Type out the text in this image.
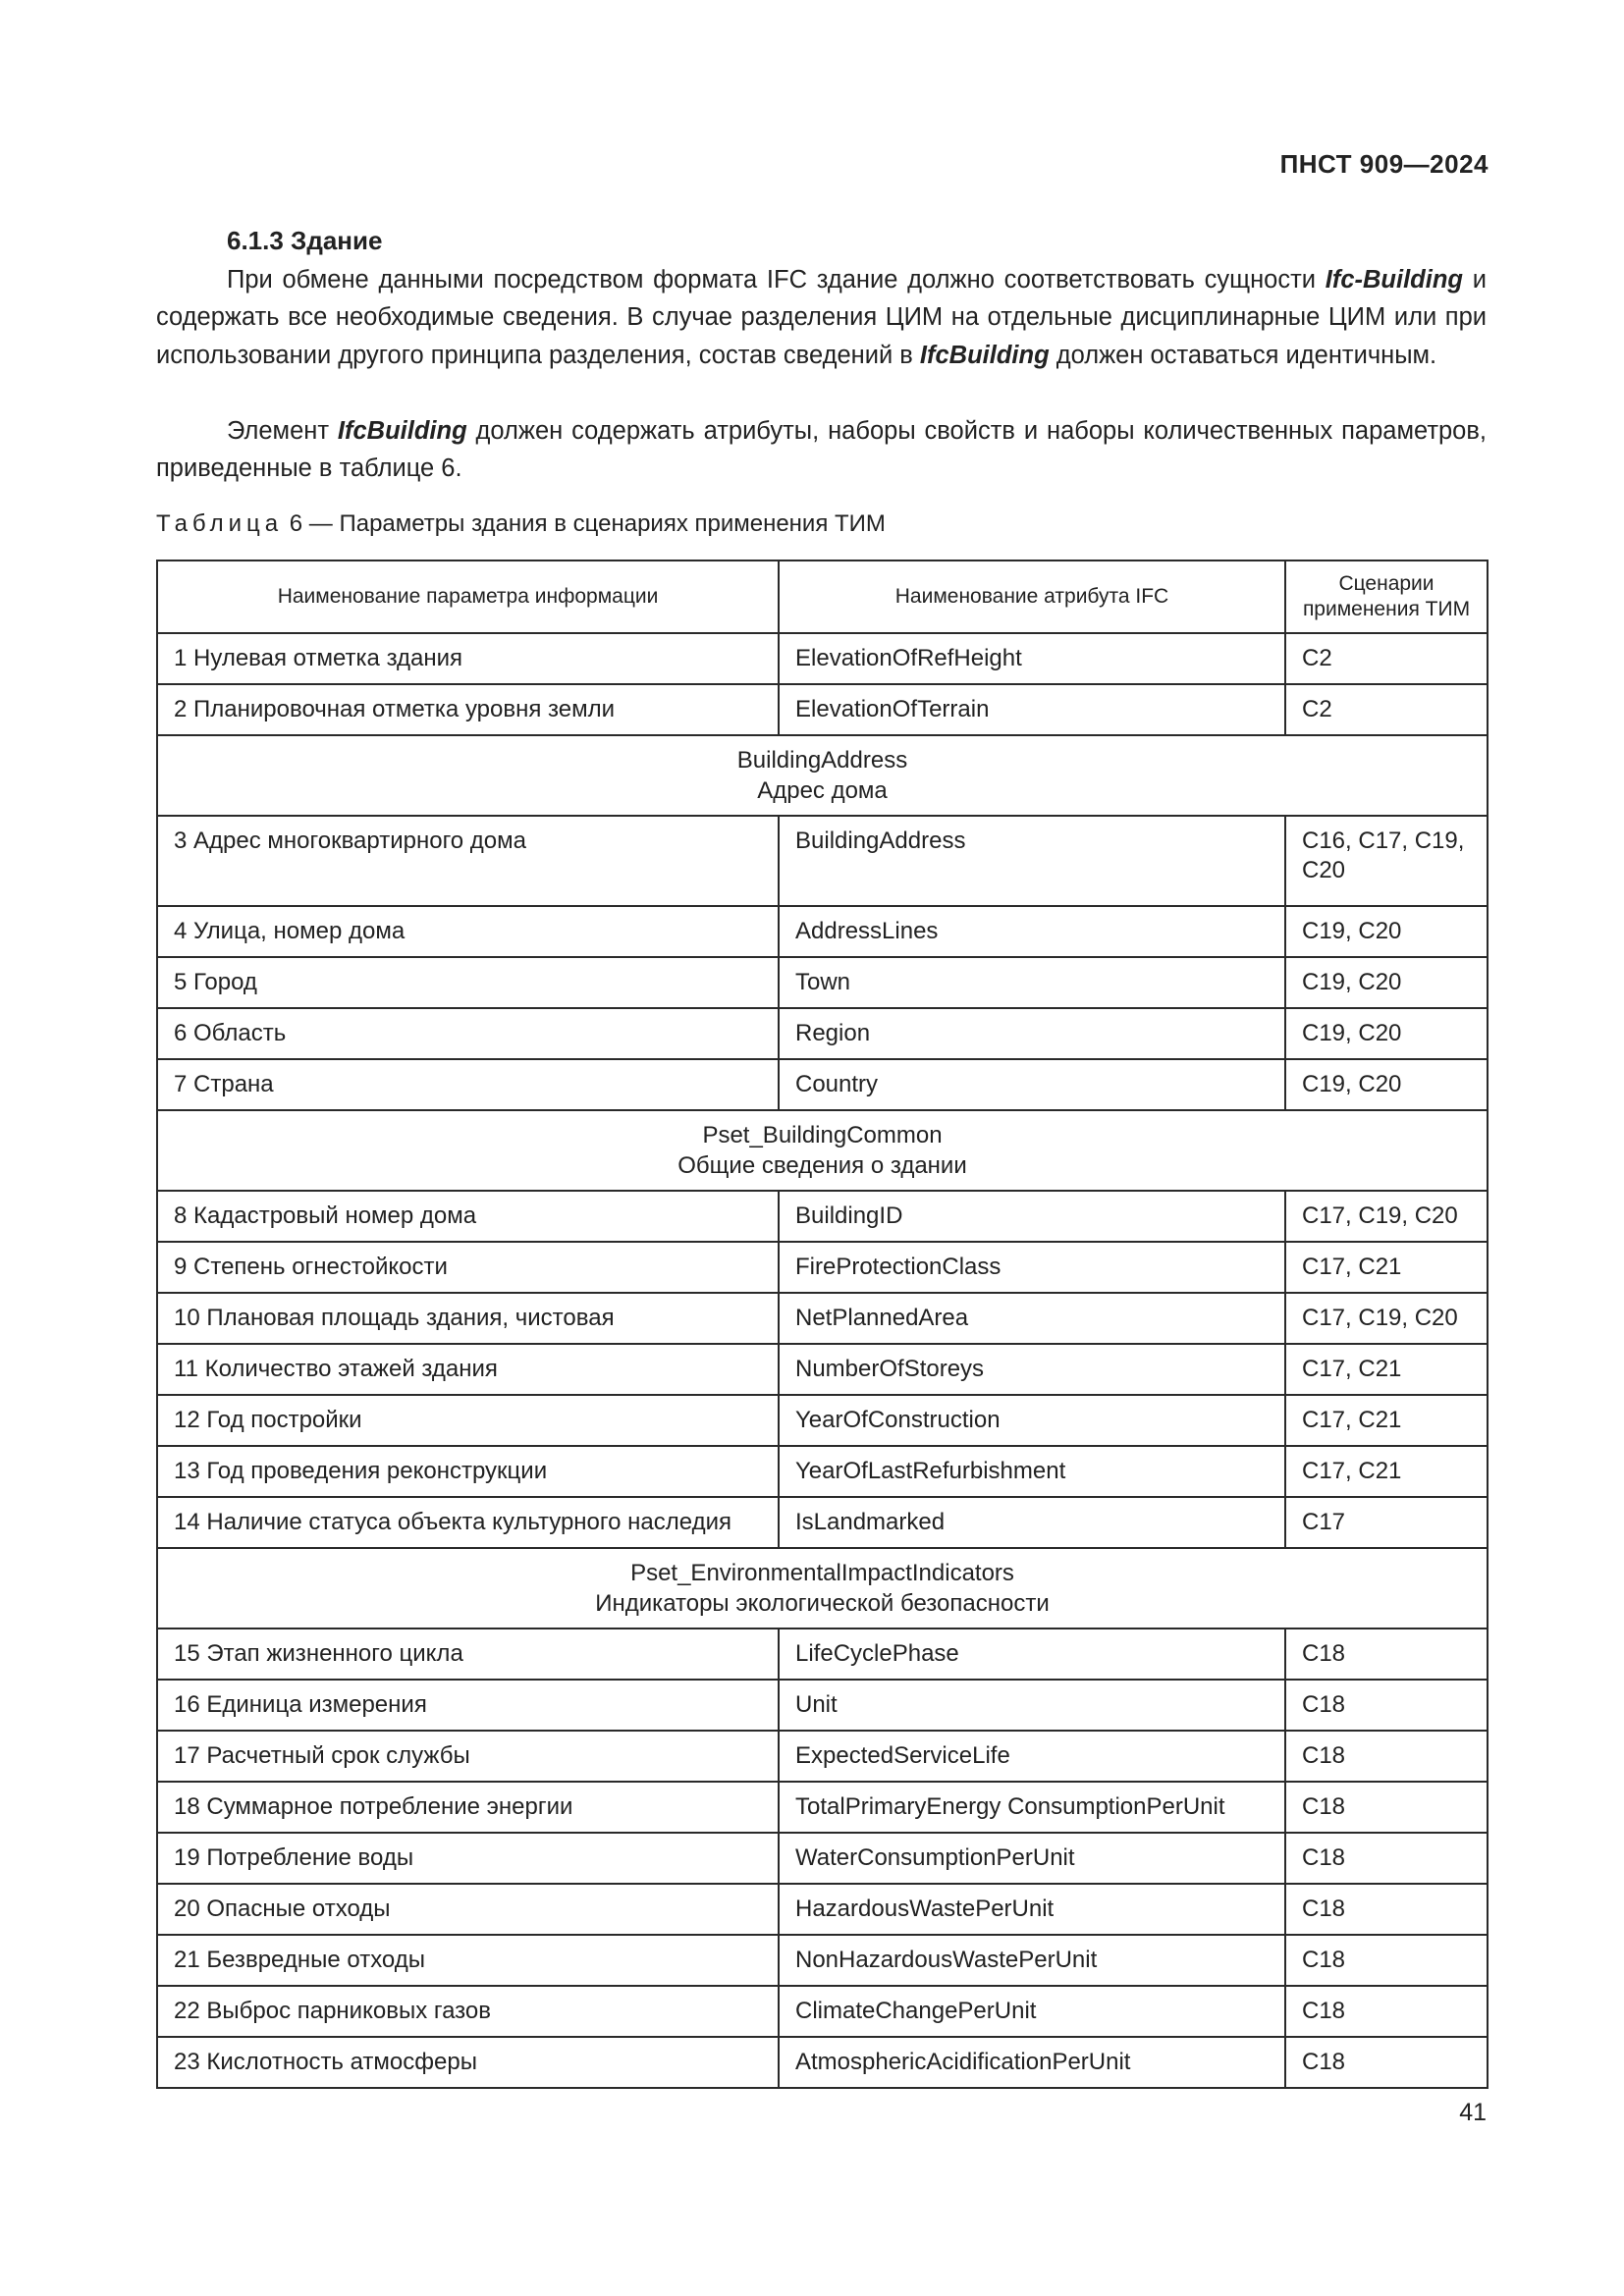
ПНСТ 909—2024
6.1.3 Здание
При обмене данными посредством формата IFC здание должно соответствовать сущности Ifc-Building и содержать все необходимые сведения. В случае разделения ЦИМ на отдельные дисциплинарные ЦИМ или при использовании другого принципа разделения, состав сведений в IfcBuilding должен оставаться идентичным.
Элемент IfcBuilding должен содержать атрибуты, наборы свойств и наборы количественных параметров, приведенные в таблице 6.
Таблица 6 — Параметры здания в сценариях применения ТИМ
Наименование параметра информации	Наименование атрибута IFC	Сценарии применения ТИМ
1 Нулевая отметка здания	ElevationOfRefHeight	C2
2 Планировочная отметка уровня земли	ElevationOfTerrain	C2
BuildingAddress
Адрес дома		
3 Адрес многоквартирного дома	BuildingAddress	C16, C17, C19, C20

4 Улица, номер дома	AddressLines	C19, C20
5 Город	Town	C19, C20
6 Область	Region	C19, C20
7 Страна	Country	C19, C20
Pset_BuildingCommon
Общие сведения о здании		
8 Кадастровый номер дома	BuildingID	C17, C19, C20
9 Степень огнестойкости	FireProtectionClass	C17, C21
10 Плановая площадь здания, чистовая	NetPlannedArea	C17, C19, C20
11 Количество этажей здания	NumberOfStoreys	C17, C21
12 Год постройки	YearOfConstruction	C17, C21
13 Год проведения реконструкции	YearOfLastRefurbishment	C17, C21
14 Наличие статуса объекта культурного наследия	IsLandmarked	C17
Pset_EnvironmentalImpactIndicators
Индикаторы экологической безопасности		
15 Этап жизненного цикла	LifeCyclePhase	C18
16 Единица измерения	Unit	C18
17 Расчетный срок службы	ExpectedServiceLife	C18
18 Суммарное потребление энергии	TotalPrimaryEnergy ConsumptionPerUnit	C18
19 Потребление воды	WaterConsumptionPerUnit	C18
20 Опасные отходы	HazardousWastePerUnit	C18
21 Безвредные отходы	NonHazardousWastePerUnit	C18
22 Выброс парниковых газов	ClimateChangePerUnit	C18
23 Кислотность атмосферы	AtmosphericAcidificationPerUnit	C18
41
